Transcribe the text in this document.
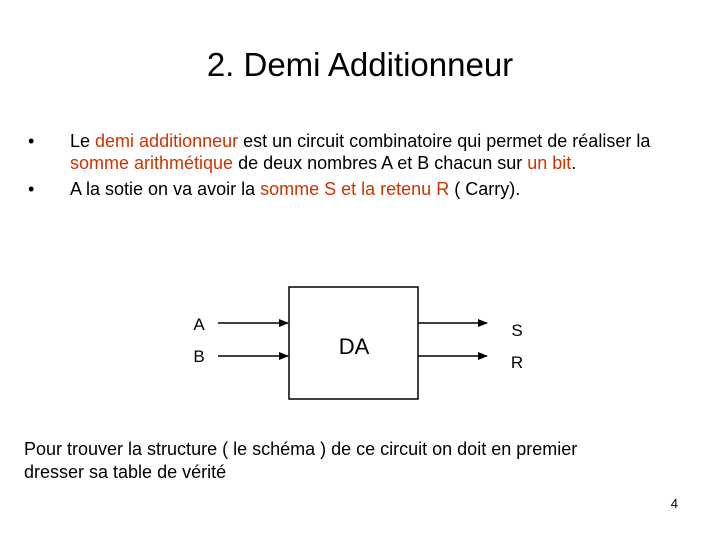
2. Demi Additionneur
• Le demi additionneur est un circuit combinatoire qui permet de réaliser la somme arithmétique de deux nombres A et B chacun sur un bit.
• A la sotie on va avoir la somme S et la retenu R ( Carry).
DA
A
B
S
R
Pour trouver la structure ( le schéma ) de ce circuit on doit en premier dresser sa table de vérité
4
